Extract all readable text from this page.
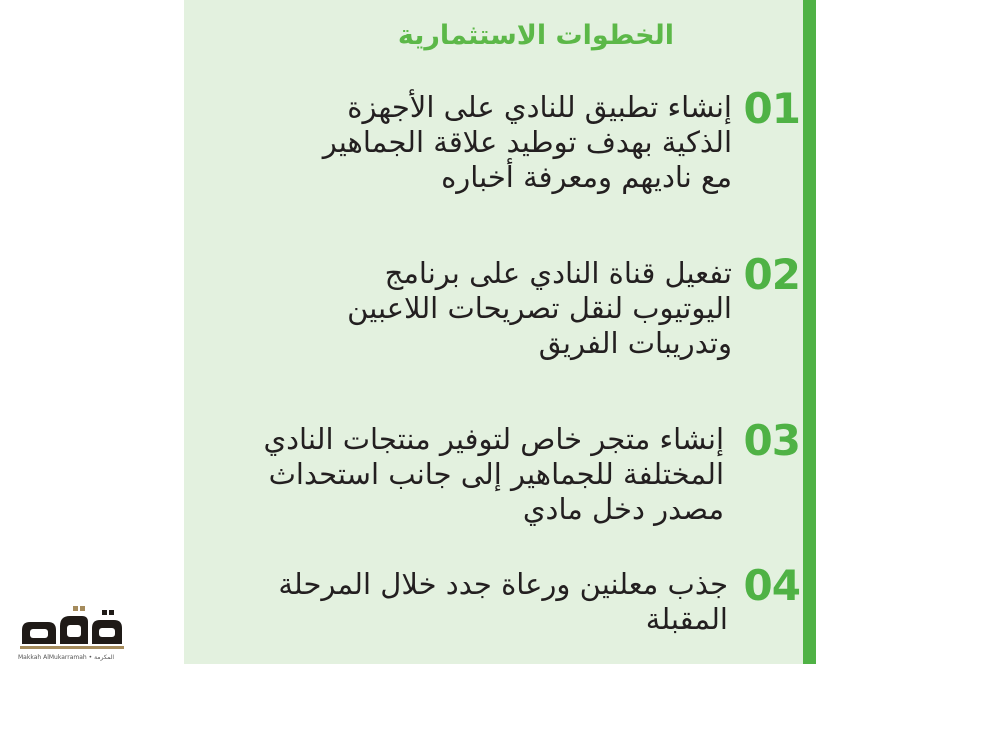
الخطوات الاستثمارية
إنشاء تطبيق للنادي على الأجهزة
الذكية بهدف توطيد علاقة الجماهير
مع ناديهم ومعرفة أخباره
01
تفعيل قناة النادي على برنامج
اليوتيوب لنقل تصريحات اللاعبين
وتدريبات الفريق
02
إنشاء متجر خاص لتوفير منتجات النادي
المختلفة للجماهير إلى جانب استحداث
مصدر دخل مادي
03
جذب معلنين ورعاة جدد خلال المرحلة
المقبلة
04
Makkah AlMukarramah • المكرمة
